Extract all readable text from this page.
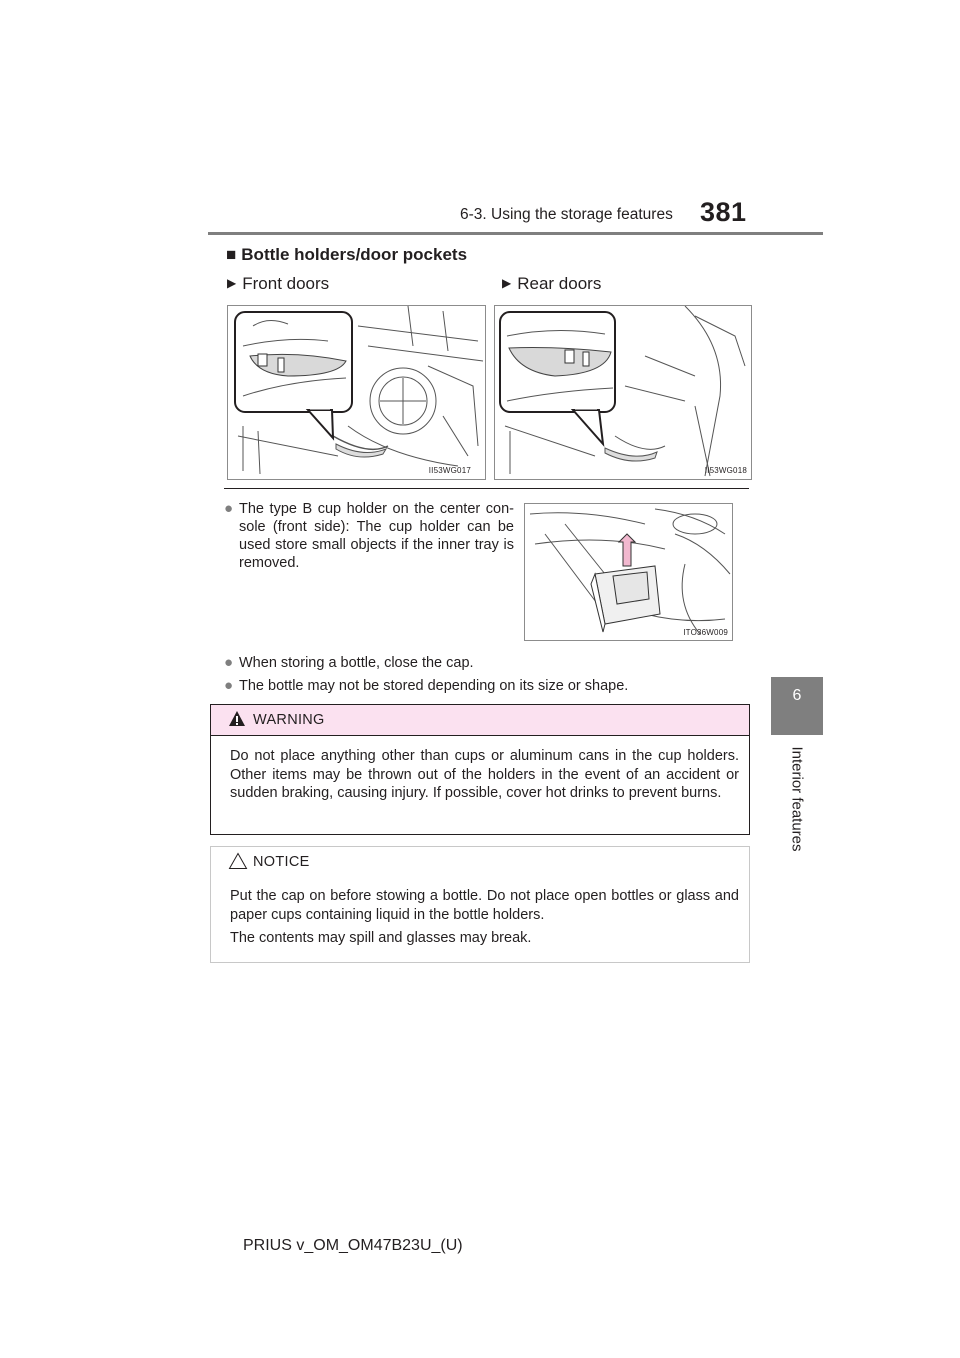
6-3. Using the storage features 381
6
Interior features
■ Bottle holders/door pockets
▶ Front doors	▶ Rear doors
II53WG017	II53WG018
● The type B cup holder on the center con-sole (front side): The cup holder can be used store small objects if the inner tray is removed.
ITO36W009
● When storing a bottle, close the cap.
● The bottle may not be stored depending on its size or shape.
WARNING
Do not place anything other than cups or aluminum cans in the cup holders. Other items may be thrown out of the holders in the event of an accident or sudden braking, causing injury. If possible, cover hot drinks to prevent burns.
NOTICE
Put the cap on before stowing a bottle. Do not place open bottles or glass and paper cups containing liquid in the bottle holders.
The contents may spill and glasses may break.
PRIUS v_OM_OM47B23U_(U)
